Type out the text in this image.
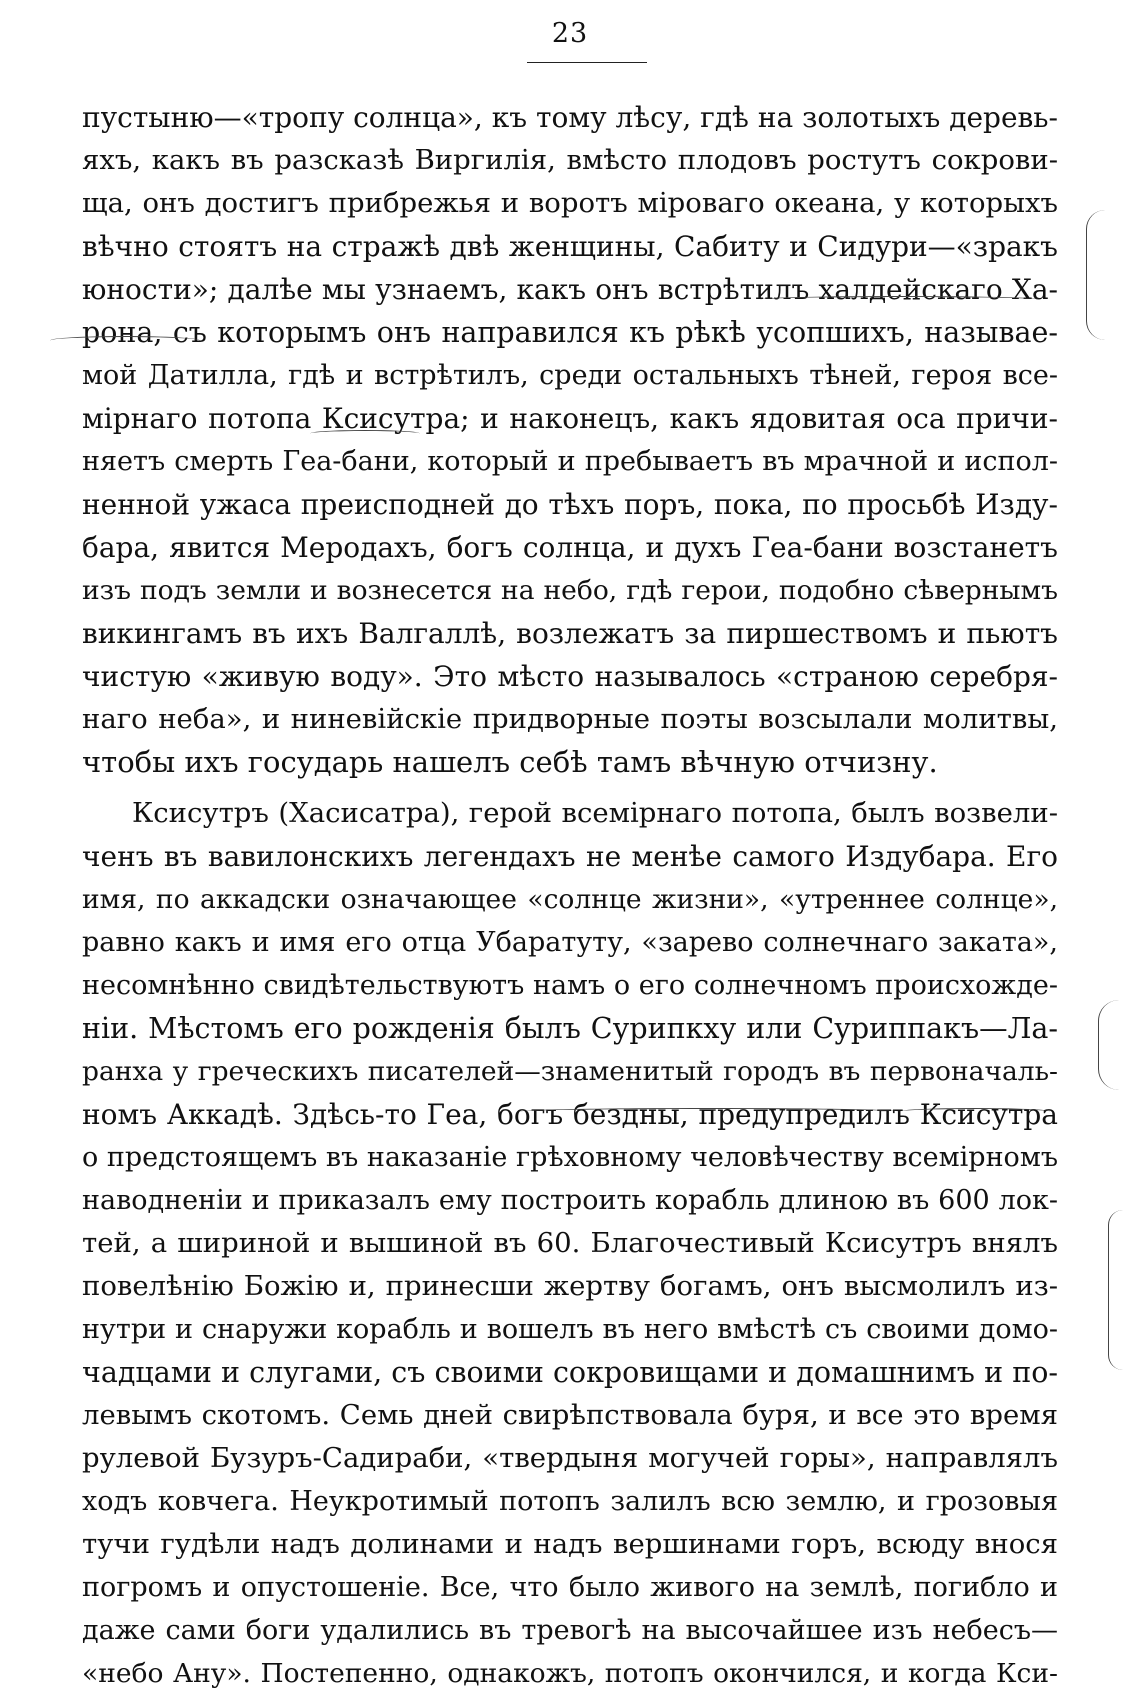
23
пустыню—«тропу солнца», къ тому лѣсу, гдѣ на золотыхъ деревь-
яхъ, какъ въ разсказѣ Виргилія, вмѣсто плодовъ ростутъ сокрови-
ща, онъ достигъ прибрежья и воротъ міроваго океана, у которыхъ
вѣчно стоятъ на стражѣ двѣ женщины, Сабиту и Сидури—«зракъ
юности»; далѣе мы узнаемъ, какъ онъ встрѣтилъ халдейскаго Ха-
рона, съ которымъ онъ направился къ рѣкѣ усопшихъ, называе-
мой Датилла, гдѣ и встрѣтилъ, среди остальныхъ тѣней, героя все-
мірнаго потопа Ксисутра; и наконецъ, какъ ядовитая оса причи-
няетъ смерть Геа-бани, который и пребываетъ въ мрачной и испол-
ненной ужаса преисподней до тѣхъ поръ, пока, по просьбѣ Изду-
бара, явится Меродахъ, богъ солнца, и духъ Геа-бани возстанетъ
изъ подъ земли и вознесется на небо, гдѣ герои, подобно сѣвернымъ
викингамъ въ ихъ Валгаллѣ, возлежатъ за пиршествомъ и пьютъ
чистую «живую воду». Это мѣсто называлось «страною серебря-
наго неба», и ниневійскіе придворные поэты возсылали молитвы,
чтобы ихъ государь нашелъ себѣ тамъ вѣчную отчизну.
Ксисутръ (Хасисатра), герой всемірнаго потопа, былъ возвели-
ченъ въ вавилонскихъ легендахъ не менѣе самого Издубара. Его
имя, по аккадски означающее «солнце жизни», «утреннее солнце»,
равно какъ и имя его отца Убаратуту, «зарево солнечнаго заката»,
несомнѣнно свидѣтельствуютъ намъ о его солнечномъ происхожде-
ніи. Мѣстомъ его рожденія былъ Сурипкху или Суриппакъ—Ла-
ранха у греческихъ писателей—знаменитый городъ въ первоначаль-
номъ Аккадѣ. Здѣсь-то Геа, богъ бездны, предупредилъ Ксисутра
о предстоящемъ въ наказаніе грѣховному человѣчеству всемірномъ
наводненіи и приказалъ ему построить корабль длиною въ 600 лок-
тей, а шириной и вышиной въ 60. Благочестивый Ксисутръ внялъ
повелѣнію Божію и, принесши жертву богамъ, онъ высмолилъ из-
нутри и снаружи корабль и вошелъ въ него вмѣстѣ съ своими домо-
чадцами и слугами, съ своими сокровищами и домашнимъ и по-
левымъ скотомъ. Семь дней свирѣпствовала буря, и все это время
рулевой Бузуръ-Садираби, «твердыня могучей горы», направлялъ
ходъ ковчега. Неукротимый потопъ залилъ всю землю, и грозовыя
тучи гудѣли надъ долинами и надъ вершинами горъ, всюду внося
погромъ и опустошеніе. Все, что было живого на землѣ, погибло и
даже сами боги удалились въ тревогѣ на высочайшее изъ небесъ—
«небо Ану». Постепенно, однакожъ, потопъ окончился, и когда Кси-
